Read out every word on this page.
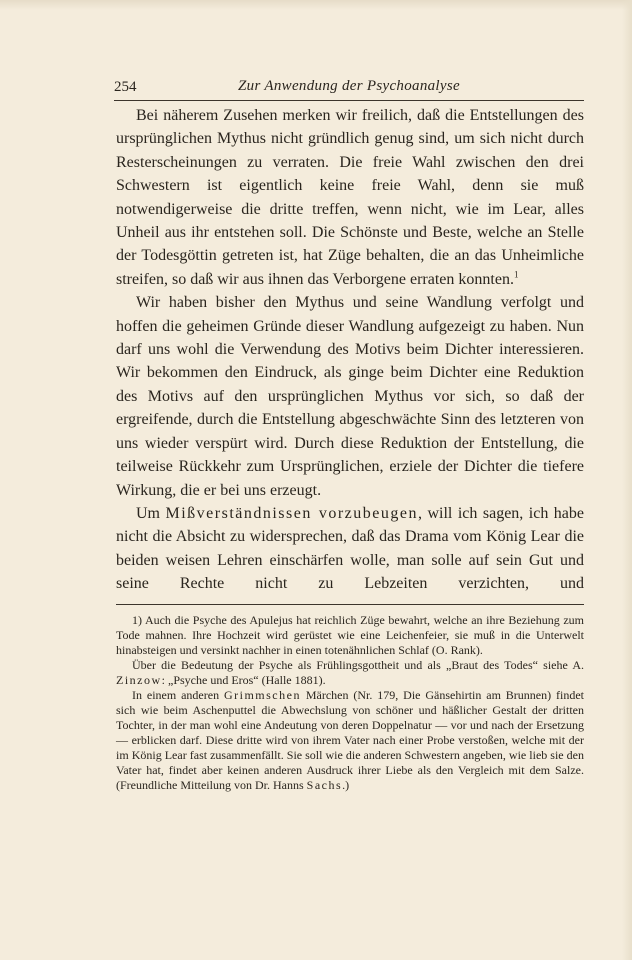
254	Zur Anwendung der Psychoanalyse

Bei näherem Zusehen merken wir freilich, daß die Entstellungen des ursprünglichen Mythus nicht gründlich genug sind, um sich nicht durch Resterscheinungen zu verraten. Die freie Wahl zwischen den drei Schwestern ist eigentlich keine freie Wahl, denn sie muß notwendigerweise die dritte treffen, wenn nicht, wie im Lear, alles Unheil aus ihr entstehen soll. Die Schönste und Beste, welche an Stelle der Todesgöttin getreten ist, hat Züge behalten, die an das Unheimliche streifen, so daß wir aus ihnen das Verborgene erraten konnten.$^1$

Wir haben bisher den Mythus und seine Wandlung verfolgt und hoffen die geheimen Gründe dieser Wandlung aufgezeigt zu haben. Nun darf uns wohl die Verwendung des Motivs beim Dichter interessieren. Wir bekommen den Eindruck, als ginge beim Dichter eine Reduktion des Motivs auf den ursprünglichen Mythus vor sich, so daß der ergreifende, durch die Entstellung abgeschwächte Sinn des letzteren von uns wieder verspürt wird. Durch diese Reduktion der Entstellung, die teilweise Rückkehr zum Ursprünglichen, erziele der Dichter die tiefere Wirkung, die er bei uns erzeugt.

Um Mißverständnissen vorzubeugen, will ich sagen, ich habe nicht die Absicht zu widersprechen, daß das Drama vom König Lear die beiden weisen Lehren einschärfen wolle, man solle auf sein Gut und seine Rechte nicht zu Lebzeiten verzichten, und

1) Auch die Psyche des Apulejus hat reichlich Züge bewahrt, welche an ihre Beziehung zum Tode mahnen. Ihre Hochzeit wird gerüstet wie eine Leichenfeier, sie muß in die Unterwelt hinabsteigen und versinkt nachher in einen totenähnlichen Schlaf (O. Rank).

Über die Bedeutung der Psyche als Frühlingsgottheit und als „Braut des Todes“ siehe A. Zinzow: „Psyche und Eros“ (Halle 1881).

In einem anderen Grimmschen Märchen (Nr. 179, Die Gänsehirtin am Brunnen) findet sich wie beim Aschenputtel die Abwechslung von schöner und häßlicher Gestalt der dritten Tochter, in der man wohl eine Andeutung von deren Doppelnatur — vor und nach der Ersetzung — erblicken darf. Diese dritte wird von ihrem Vater nach einer Probe verstoßen, welche mit der im König Lear fast zusammenfällt. Sie soll wie die anderen Schwestern angeben, wie lieb sie den Vater hat, findet aber keinen anderen Ausdruck ihrer Liebe als den Vergleich mit dem Salze. (Freundliche Mitteilung von Dr. Hanns Sachs.)
